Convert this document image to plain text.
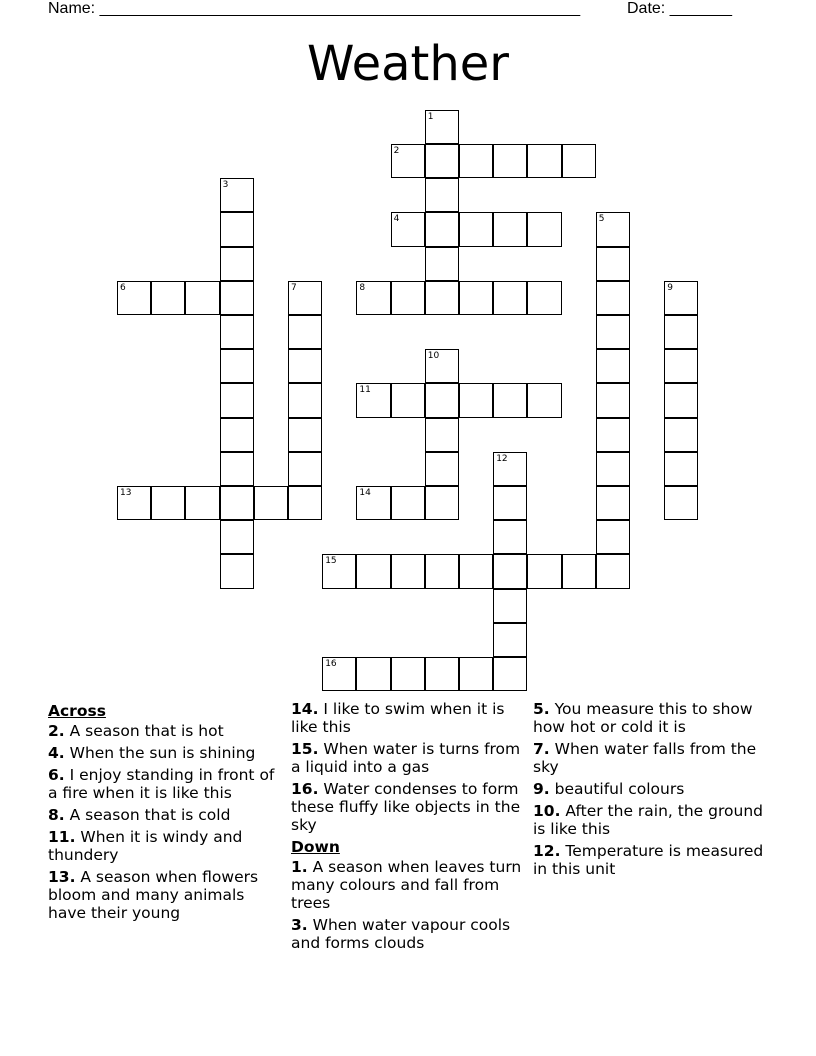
Name: ______________________________________________________	Date: _______
Weather
1
2
3
4	5
6	7	8	9
10
11
12
13	14
15
16
Across
2. A season that is hot
4. When the sun is shining
6. I enjoy standing in front of a fire when it is like this
8. A season that is cold
11. When it is windy and thundery
13. A season when flowers bloom and many animals have their young
14. I like to swim when it is like this
15. When water is turns from a liquid into a gas
16. Water condenses to form these fluffy like objects in the sky
Down
1. A season when leaves turn many colours and fall from trees
3. When water vapour cools and forms clouds
5. You measure this to show how hot or cold it is
7. When water falls from the sky
9. beautiful colours
10. After the rain, the ground is like this
12. Temperature is measured in this unit
